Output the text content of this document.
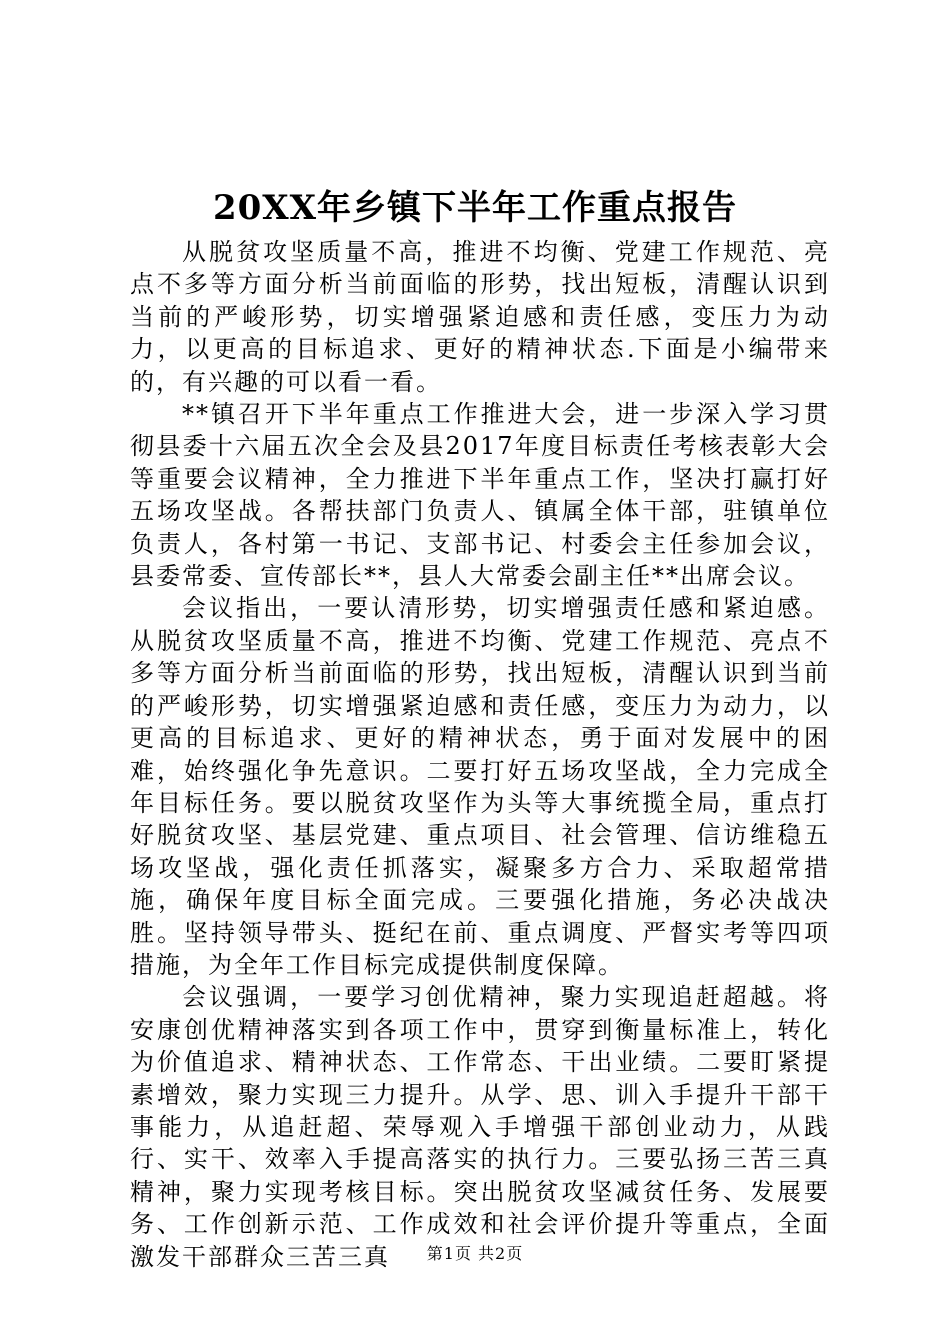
20XX年乡镇下半年工作重点报告

从脱贫攻坚质量不高，推进不均衡、党建工作规范、亮点不多等方面分析当前面临的形势，找出短板，清醒认识到当前的严峻形势，切实增强紧迫感和责任感，变压力为动力，以更高的目标追求、更好的精神状态.下面是小编带来的，有兴趣的可以看一看。

**镇召开下半年重点工作推进大会，进一步深入学习贯彻县委十六届五次全会及县2017年度目标责任考核表彰大会等重要会议精神，全力推进下半年重点工作，坚决打赢打好五场攻坚战。各帮扶部门负责人、镇属全体干部，驻镇单位负责人，各村第一书记、支部书记、村委会主任参加会议，县委常委、宣传部长**，县人大常委会副主任**出席会议。

会议指出，一要认清形势，切实增强责任感和紧迫感。从脱贫攻坚质量不高，推进不均衡、党建工作规范、亮点不多等方面分析当前面临的形势，找出短板，清醒认识到当前的严峻形势，切实增强紧迫感和责任感，变压力为动力，以更高的目标追求、更好的精神状态，勇于面对发展中的困难，始终强化争先意识。二要打好五场攻坚战，全力完成全年目标任务。要以脱贫攻坚作为头等大事统揽全局，重点打好脱贫攻坚、基层党建、重点项目、社会管理、信访维稳五场攻坚战，强化责任抓落实，凝聚多方合力、采取超常措施，确保年度目标全面完成。三要强化措施，务必决战决胜。坚持领导带头、挺纪在前、重点调度、严督实考等四项措施，为全年工作目标完成提供制度保障。

会议强调，一要学习创优精神，聚力实现追赶超越。将安康创优精神落实到各项工作中，贯穿到衡量标准上，转化为价值追求、精神状态、工作常态、干出业绩。二要盯紧提素增效，聚力实现三力提升。从学、思、训入手提升干部干事能力，从追赶超、荣辱观入手增强干部创业动力，从践行、实干、效率入手提高落实的执行力。三要弘扬三苦三真精神，聚力实现考核目标。突出脱贫攻坚减贫任务、发展要务、工作创新示范、工作成效和社会评价提升等重点，全面激发干部群众三苦三真	第1页 共2页
